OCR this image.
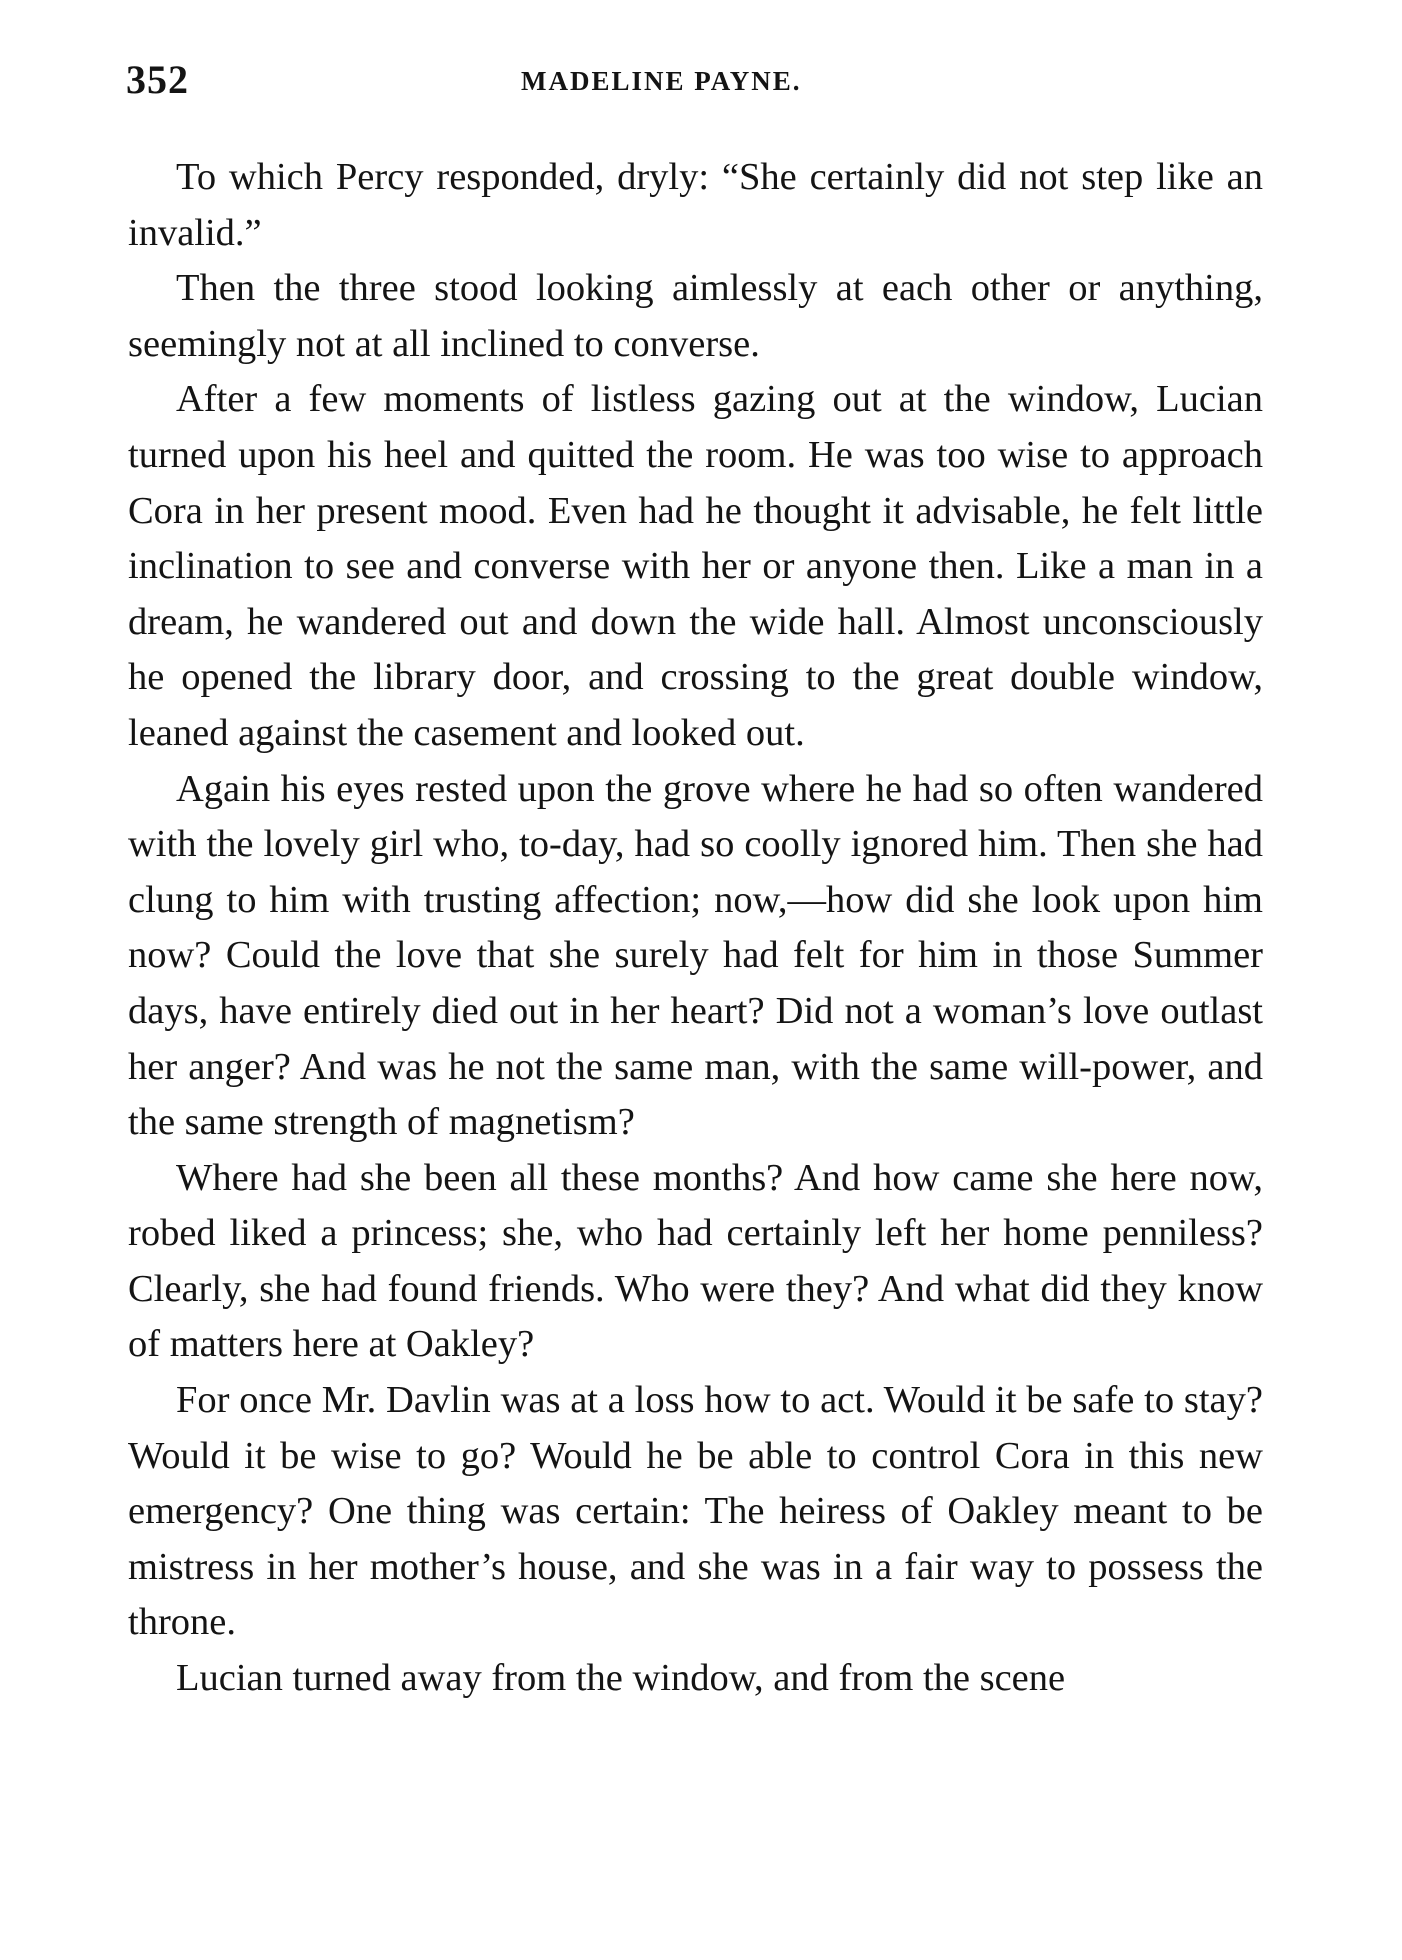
352	MADELINE PAYNE.

To which Percy responded, dryly: “She certainly did not step like an invalid.”

Then the three stood looking aimlessly at each other or anything, seemingly not at all inclined to converse.

After a few moments of listless gazing out at the window, Lucian turned upon his heel and quitted the room. He was too wise to approach Cora in her present mood. Even had he thought it advisable, he felt little inclination to see and converse with her or anyone then. Like a man in a dream, he wandered out and down the wide hall. Almost unconsciously he opened the library door, and crossing to the great double window, leaned against the casement and looked out.

Again his eyes rested upon the grove where he had so often wandered with the lovely girl who, to-day, had so coolly ignored him. Then she had clung to him with trusting affection; now,—how did she look upon him now? Could the love that she surely had felt for him in those Summer days, have entirely died out in her heart? Did not a woman’s love outlast her anger? And was he not the same man, with the same will-power, and the same strength of magnetism?

Where had she been all these months? And how came she here now, robed liked a princess; she, who had certainly left her home penniless? Clearly, she had found friends. Who were they? And what did they know of matters here at Oakley?

For once Mr. Davlin was at a loss how to act. Would it be safe to stay? Would it be wise to go? Would he be able to control Cora in this new emergency? One thing was certain: The heiress of Oakley meant to be mistress in her mother’s house, and she was in a fair way to possess the throne.

Lucian turned away from the window, and from the scene
